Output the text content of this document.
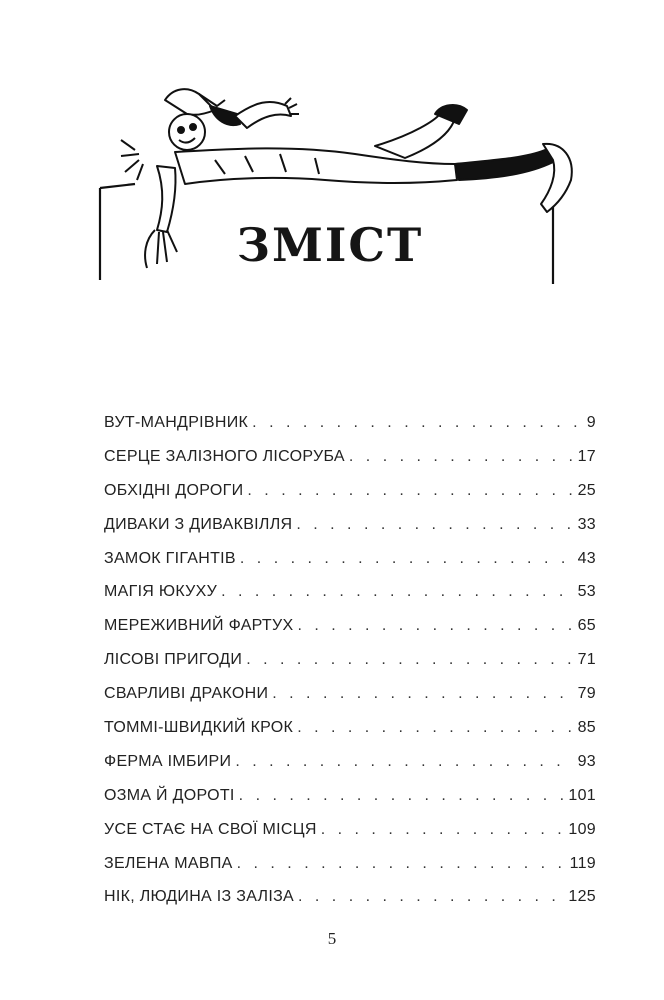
ЗМІСТ
ВУТ-МАНДРІВНИК . . .	9
СЕРЦЕ ЗАЛІЗНОГО ЛІСОРУБА . . .	17
ОБХІДНІ ДОРОГИ . . .	25
ДИВАКИ З ДИВАКВІЛЛЯ . . .	33
ЗАМОК ГІГАНТІВ . . .	43
МАГІЯ ЮКУХУ . . .	53
МЕРЕЖИВНИЙ ФАРТУХ . . .	65
ЛІСОВІ ПРИГОДИ . . .	71
СВАРЛИВІ ДРАКОНИ . . .	79
ТОММІ-ШВИДКИЙ КРОК . . .	85
ФЕРМА ІМБИРИ . . .	93
ОЗМА Й ДОРОТІ . . .	101
УСЕ СТАЄ НА СВОЇ МІСЦЯ . . .	109
ЗЕЛЕНА МАВПА . . .	119
НІК, ЛЮДИНА ІЗ ЗАЛІЗА . . .	125
5
